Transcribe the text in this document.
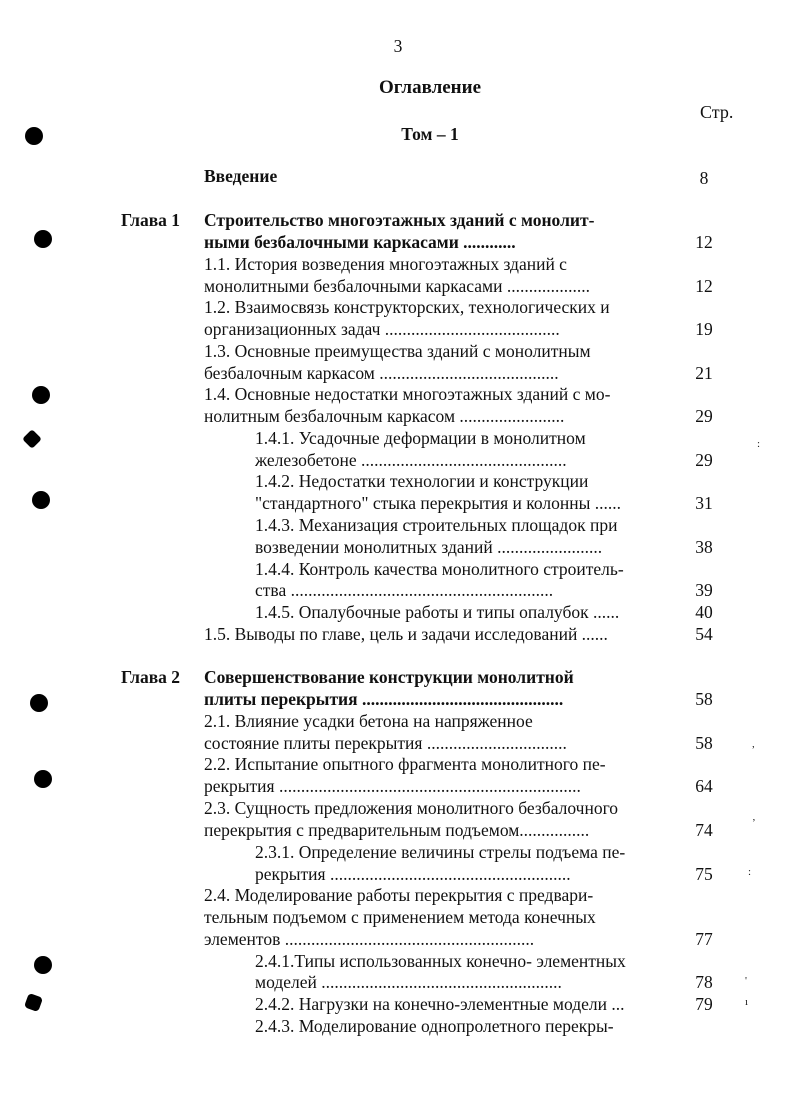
3
Оглавление
Стр.
Том – 1
Введение	8
Глава 1 Строительство многоэтажных зданий с монолит-
ными безбалочными каркасами ............	12
1.1. История возведения многоэтажных зданий с
монолитными безбалочными каркасами ...................	12
1.2. Взаимосвязь конструкторских, технологических и
организационных задач ........................................	19
1.3. Основные преимущества зданий с монолитным
безбалочным каркасом .........................................	21
1.4. Основные недостатки многоэтажных зданий с мо-
нолитным безбалочным каркасом ........................	29
1.4.1. Усадочные деформации в монолитном
железобетоне ...............................................	29
1.4.2. Недостатки технологии и конструкции
"стандартного" стыка перекрытия и колонны ......	31
1.4.3. Механизация строительных площадок при
возведении монолитных зданий ........................	38
1.4.4. Контроль качества монолитного строитель-
ства ............................................................	39
1.4.5. Опалубочные работы и типы опалубок ......	40
1.5. Выводы по главе, цель и задачи исследований ......	54
Глава 2 Совершенствование конструкции монолитной
плиты перекрытия ..............................................	58
2.1. Влияние усадки бетона на напряженное
состояние плиты перекрытия ................................	58
2.2. Испытание опытного фрагмента монолитного пе-
рекрытия .....................................................................	64
2.3. Сущность предложения монолитного безбалочного
перекрытия с предварительным подъемом................	74
2.3.1. Определение величины стрелы подъема пе-
рекрытия .......................................................	75
2.4. Моделирование работы перекрытия с предвари-
тельным подъемом с применением метода конечных
элементов .........................................................	77
2.4.1.Типы использованных конечно- элементных
моделей .......................................................	78
2.4.2. Нагрузки на конечно-элементные модели ...	79
2.4.3. Моделирование однопролетного перекры-
:
,
’
:
'
ı
